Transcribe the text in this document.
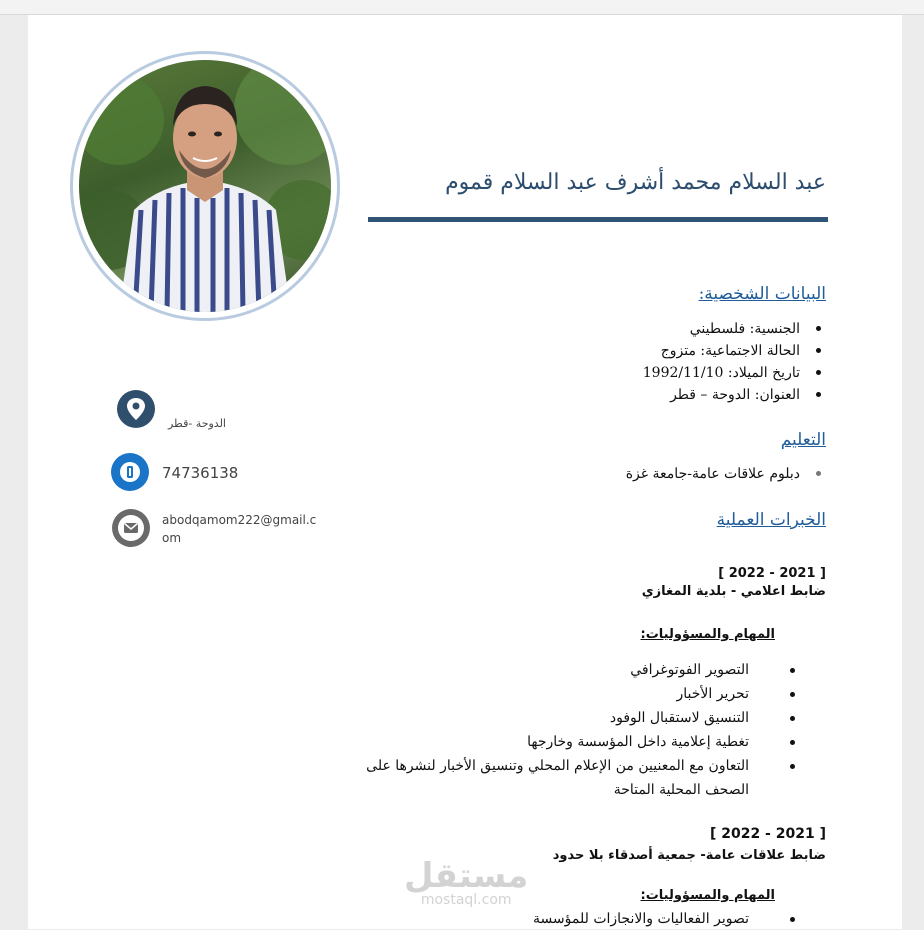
عبد السلام محمد أشرف عبد السلام قموم
البيانات الشخصية:
الجنسية: فلسطيني
الحالة الاجتماعية: متزوج
تاريخ الميلاد: 1992/11/10
العنوان: الدوحة – قطر
التعليم
دبلوم علاقات عامة-جامعة غزة
الخبرات العملية
[ 2021 - 2022 ]
ضابط اعلامي - بلدية المغازي
المهام والمسؤوليات:
التصوير الفوتوغرافي
تحرير الأخبار
التنسيق لاستقبال الوفود
تغطية إعلامية داخل المؤسسة وخارجها
التعاون مع المعنيين من الإعلام المحلي وتنسيق الأخبار لنشرها على
الصحف المحلية المتاحة
[ 2021 - 2022 ]
ضابط علاقات عامة- جمعية أصدقاء بلا حدود
المهام والمسؤوليات:
تصوير الفعاليات والانجازات للمؤسسة
الدوحة -قطر
74736138
abodqamom222@gmail.c
om
مستقل
mostaql.com
